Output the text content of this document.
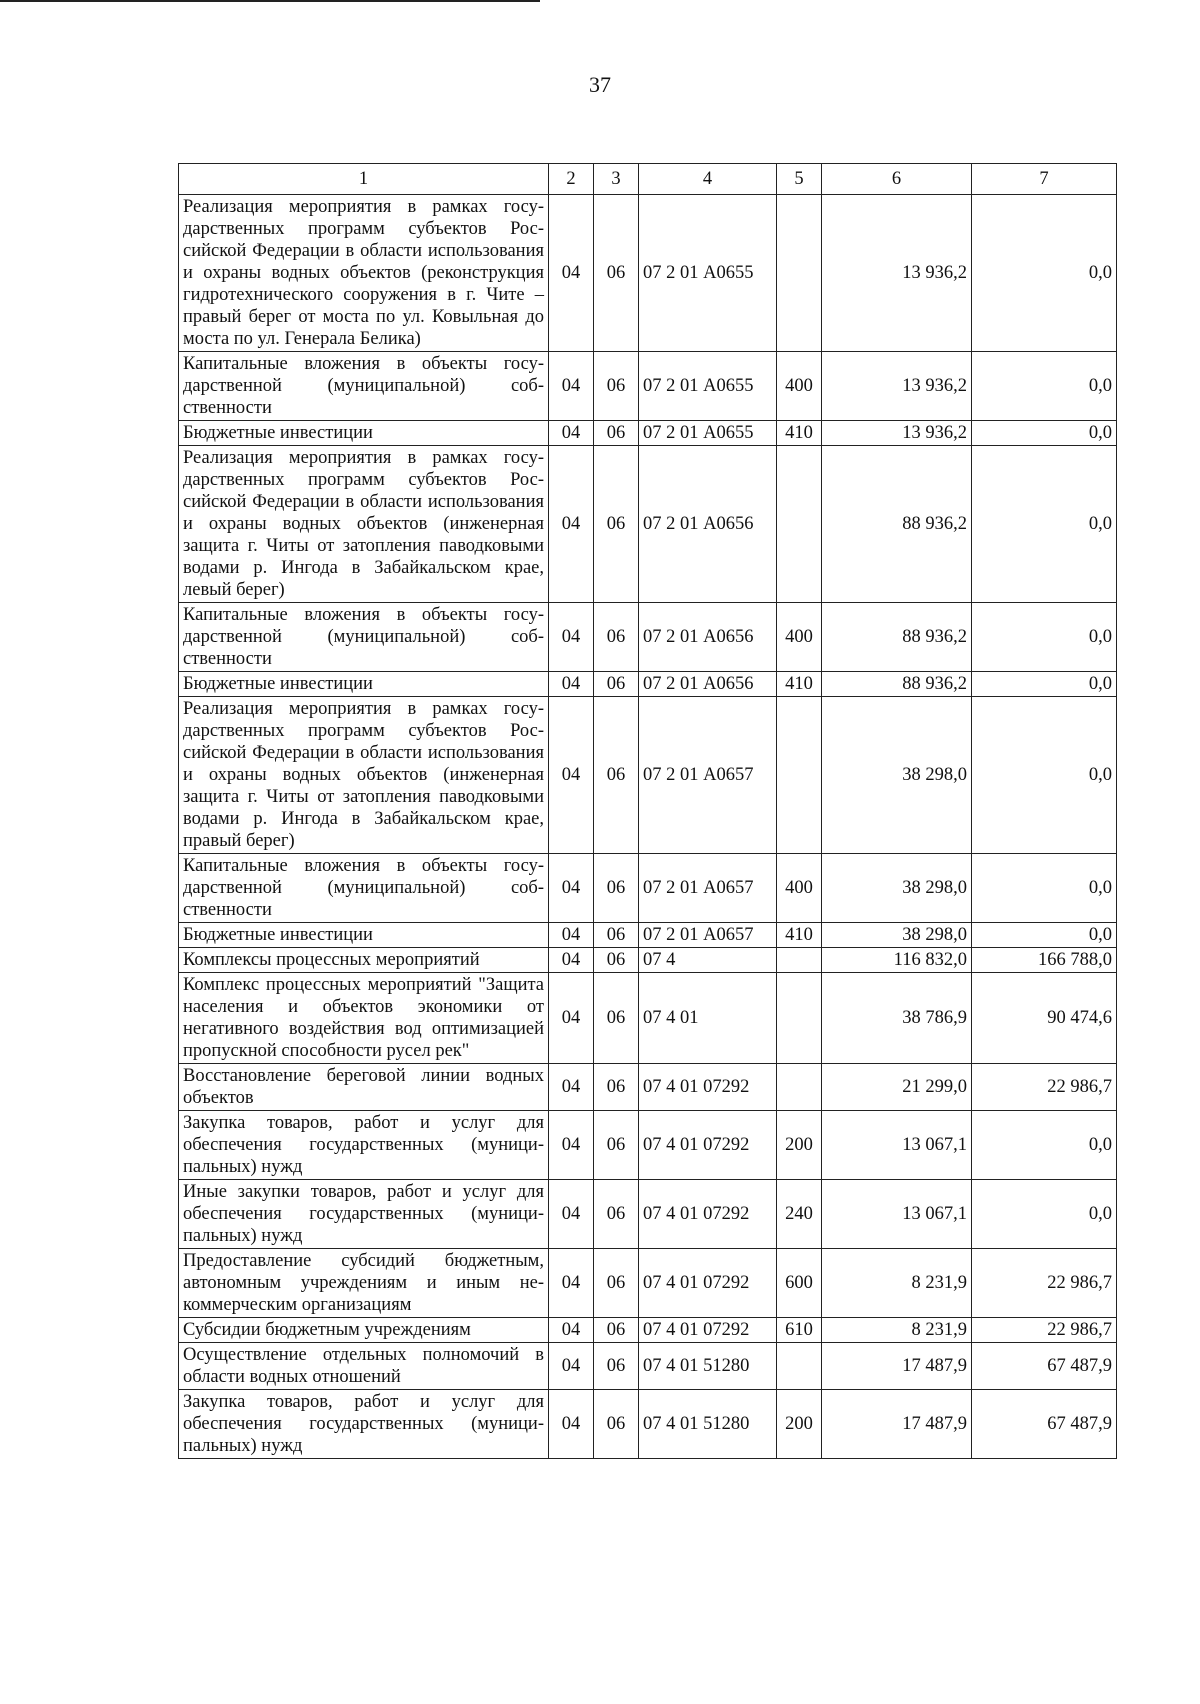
37
1	2	3	4	5	6	7
Реализация мероприятия в рамках государственных программ субъектов Российской Федерации в области использования и охраны водных объектов (реконструкция гидротехнического сооружения в г. Чите – правый берег от моста по ул. Ковыльная до моста по ул. Генерала Белика)	04	06	07 2 01 А0655		13 936,2	0,0
Капитальные вложения в объекты государственной (муниципальной) собственности	04	06	07 2 01 А0655	400	13 936,2	0,0
Бюджетные инвестиции	04	06	07 2 01 А0655	410	13 936,2	0,0
Реализация мероприятия в рамках государственных программ субъектов Российской Федерации в области использования и охраны водных объектов (инженерная защита г. Читы от затопления паводковыми водами р. Ингода в Забайкальском крае, левый берег)	04	06	07 2 01 А0656		88 936,2	0,0
Капитальные вложения в объекты государственной (муниципальной) собственности	04	06	07 2 01 А0656	400	88 936,2	0,0
Бюджетные инвестиции	04	06	07 2 01 А0656	410	88 936,2	0,0
Реализация мероприятия в рамках государственных программ субъектов Российской Федерации в области использования и охраны водных объектов (инженерная защита г. Читы от затопления паводковыми водами р. Ингода в Забайкальском крае, правый берег)	04	06	07 2 01 А0657		38 298,0	0,0
Капитальные вложения в объекты государственной (муниципальной) собственности	04	06	07 2 01 А0657	400	38 298,0	0,0
Бюджетные инвестиции	04	06	07 2 01 А0657	410	38 298,0	0,0
Комплексы процессных мероприятий	04	06	07 4		116 832,0	166 788,0
Комплекс процессных мероприятий "Защита населения и объектов экономики от негативного воздействия вод оптимизацией пропускной способности русел рек"	04	06	07 4 01		38 786,9	90 474,6
Восстановление береговой линии водных объектов	04	06	07 4 01 07292		21 299,0	22 986,7
Закупка товаров, работ и услуг для обеспечения государственных (муниципальных) нужд	04	06	07 4 01 07292	200	13 067,1	0,0
Иные закупки товаров, работ и услуг для обеспечения государственных (муниципальных) нужд	04	06	07 4 01 07292	240	13 067,1	0,0
Предоставление субсидий бюджетным, автономным учреждениям и иным некоммерческим организациям	04	06	07 4 01 07292	600	8 231,9	22 986,7
Субсидии бюджетным учреждениям	04	06	07 4 01 07292	610	8 231,9	22 986,7
Осуществление отдельных полномочий в области водных отношений	04	06	07 4 01 51280		17 487,9	67 487,9
Закупка товаров, работ и услуг для обеспечения государственных (муниципальных) нужд	04	06	07 4 01 51280	200	17 487,9	67 487,9
